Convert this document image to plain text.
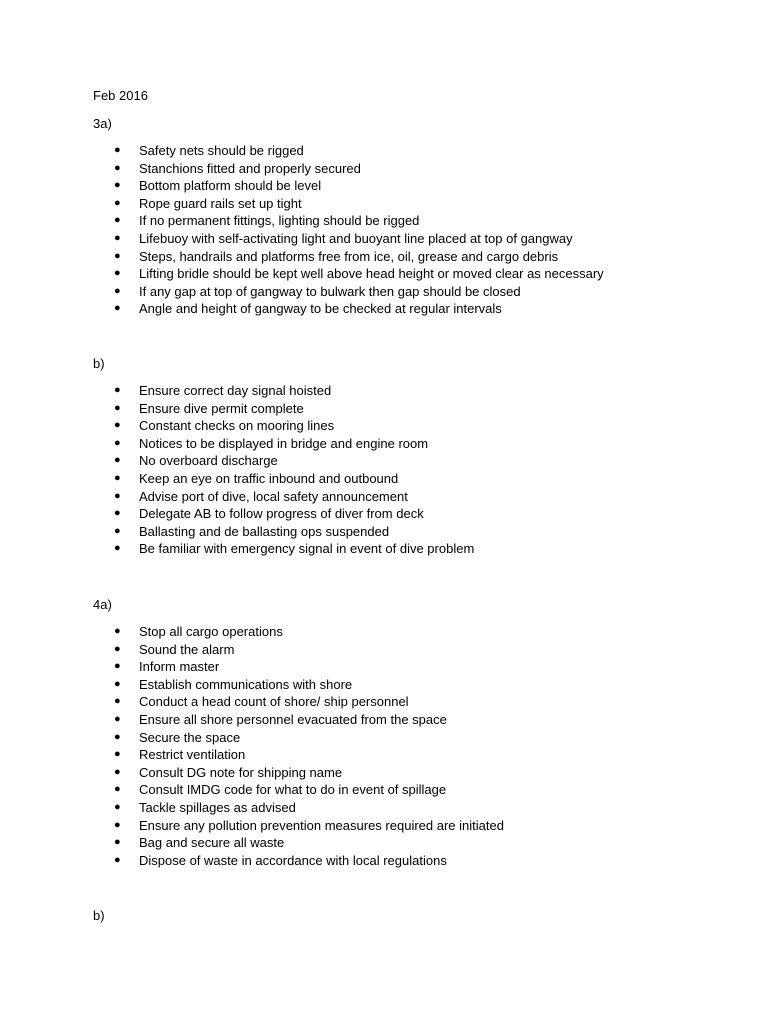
Feb 2016
3a)
● Safety nets should be rigged
● Stanchions fitted and properly secured
● Bottom platform should be level
● Rope guard rails set up tight
● If no permanent fittings, lighting should be rigged
● Lifebuoy with self-activating light and buoyant line placed at top of gangway
● Steps, handrails and platforms free from ice, oil, grease and cargo debris
● Lifting bridle should be kept well above head height or moved clear as necessary
● If any gap at top of gangway to bulwark then gap should be closed
● Angle and height of gangway to be checked at regular intervals
b)
● Ensure correct day signal hoisted
● Ensure dive permit complete
● Constant checks on mooring lines
● Notices to be displayed in bridge and engine room
● No overboard discharge
● Keep an eye on traffic inbound and outbound
● Advise port of dive, local safety announcement
● Delegate AB to follow progress of diver from deck
● Ballasting and de ballasting ops suspended
● Be familiar with emergency signal in event of dive problem
4a)
● Stop all cargo operations
● Sound the alarm
● Inform master
● Establish communications with shore
● Conduct a head count of shore/ ship personnel
● Ensure all shore personnel evacuated from the space
● Secure the space
● Restrict ventilation
● Consult DG note for shipping name
● Consult IMDG code for what to do in event of spillage
● Tackle spillages as advised
● Ensure any pollution prevention measures required are initiated
● Bag and secure all waste
● Dispose of waste in accordance with local regulations
b)
